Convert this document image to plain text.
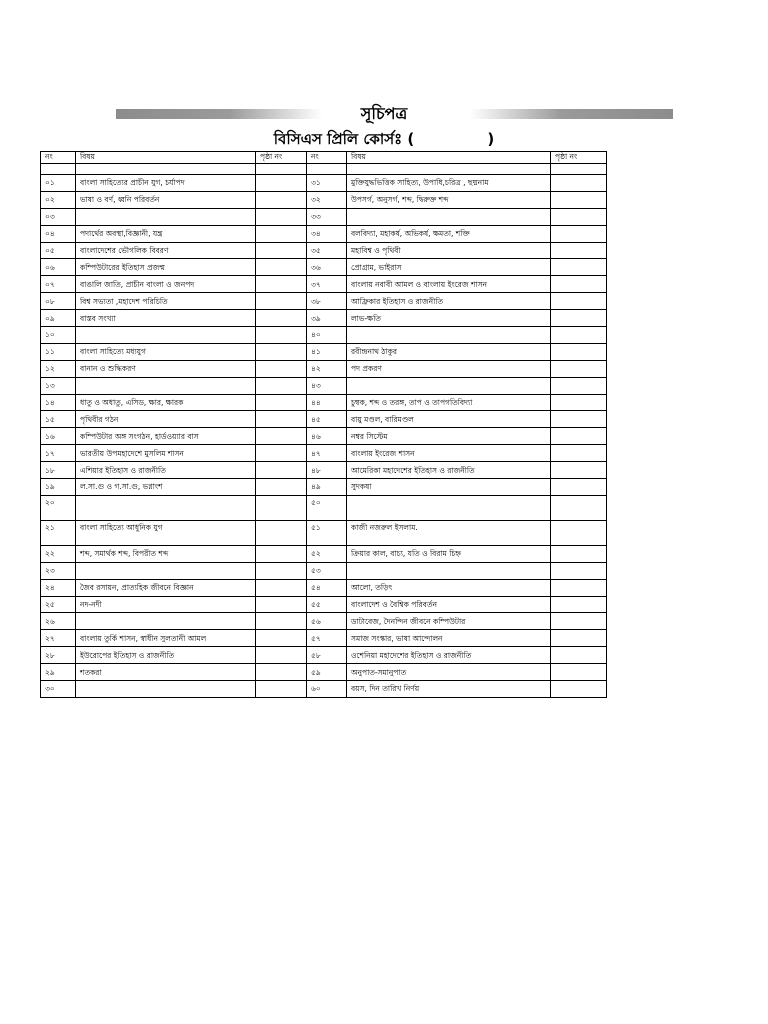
সূচিপত্র
বিসিএস প্রিলি কোর্সঃ (              )
নং	বিষয়	পৃষ্ঠা নং	নং	বিষয়	পৃষ্ঠা নং

০১	বাংলা সাহিত্যের প্রাচীন যুগ, চর্যাপদ		৩১	মুক্তিযুদ্ধভিত্তিক সাহিত্য, উপাধি,চরিত্র , ছদ্মনাম	
০২	ভাষা ও বর্ণ, ধ্বনি পরিবর্তন		৩২	উপসর্গ, অনুসর্গ, শব্দ, দ্বিরুক্ত শব্দ	
০৩			৩৩		
০৪	পদার্থের অবস্থা,বিজ্ঞানী, যন্ত্র		৩৪	বলবিদ্যা, মহাকর্ষ, অভিকর্ষ, ক্ষমতা, শক্তি	
০৫	বাংলাদেশের ভৌগলিক বিবরণ		৩৫	মহাবিশ্ব ও পৃথিবী	
০৬	কম্পিউটারের ইতিহাস প্রজন্ম		৩৬	প্রোগ্রাম, ভাইরাস	
০৭	বাঙালি জাতি, প্রাচীন বাংলা ও জনপদ		৩৭	বাংলায় নবাবী আমল ও বাংলায় ইংরেজ শাসন	
০৮	বিশ্ব সভ্যতা ,মহাদেশ পরিচিতি		৩৮	আফ্রিকার ইতিহাস ও রাজনীতি	
০৯	বাস্তব সংখ্যা		৩৯	লাভ-ক্ষতি	
১০			৪০		
১১	বাংলা সাহিত্যে মধ্যযুগ		৪১	রবীন্দ্রনাথ ঠাকুর	
১২	বানান ও শুদ্ধিকরণ		৪২	পদ প্রকরণ	
১৩			৪৩		
১৪	ধাতু ও অধাতু, এসিড, ক্ষার, ক্ষারক		৪৪	চুম্বক, শব্দ ও তরঙ্গ, তাপ ও তাপগতিবিদ্যা	
১৫	পৃথিবীর গঠন		৪৫	বায়ু মণ্ডল, বারিমণ্ডল	
১৬	কম্পিউটার অঙ্গ সংগঠন, হার্ডওয়্যার বাস		৪৬	নম্বর সিস্টেম	
১৭	ভারতীয় উপমহাদেশে মুসলিম শাসন		৪৭	বাংলায় ইংরেজ শাসন	
১৮	এশিয়ার ইতিহাস ও রাজনীতি		৪৮	আমেরিকা মহাদেশের ইতিহাস ও রাজনীতি	
১৯	ল.সা.গু ও গ.সা.গু, ভগ্নাংশ		৪৯	সুদকষা	
২০			৫০		
২১	বাংলা সাহিত্যে আধুনিক যুগ		৫১	কাজী নজরুল ইসলাম.	
২২	শব্দ, সমার্থক শব্দ, বিপরীত শব্দ		৫২	ক্রিয়ার কাল, বাচ্য, যতি ও বিরাম চিহ্ন	
২৩			৫৩		
২৪	জৈব রসায়ন, প্রাত্যহিক জীবনে বিজ্ঞান		৫৪	আলো, তড়িৎ	
২৫	নদ-নদী		৫৫	বাংলাদেশ ও বৈশ্বিক পরিবর্তন	
২৬			৫৬	ডাটাবেজ, দৈনন্দিন জীবনে কম্পিউটার	
২৭	বাংলায় তুর্কি শাসন, স্বাধীন সুলতানী আমল		৫৭	সমাজ সংস্কার, ভাষা আন্দোলন	
২৮	ইউরোপের ইতিহাস ও রাজনীতি		৫৮	ওশেনিয়া মহাদেশের ইতিহাস ও রাজনীতি	
২৯	শতকরা		৫৯	অনুপাত-সমানুপাত	
৩০			৬০	বয়স, দিন তারিখ নির্ণয়	
